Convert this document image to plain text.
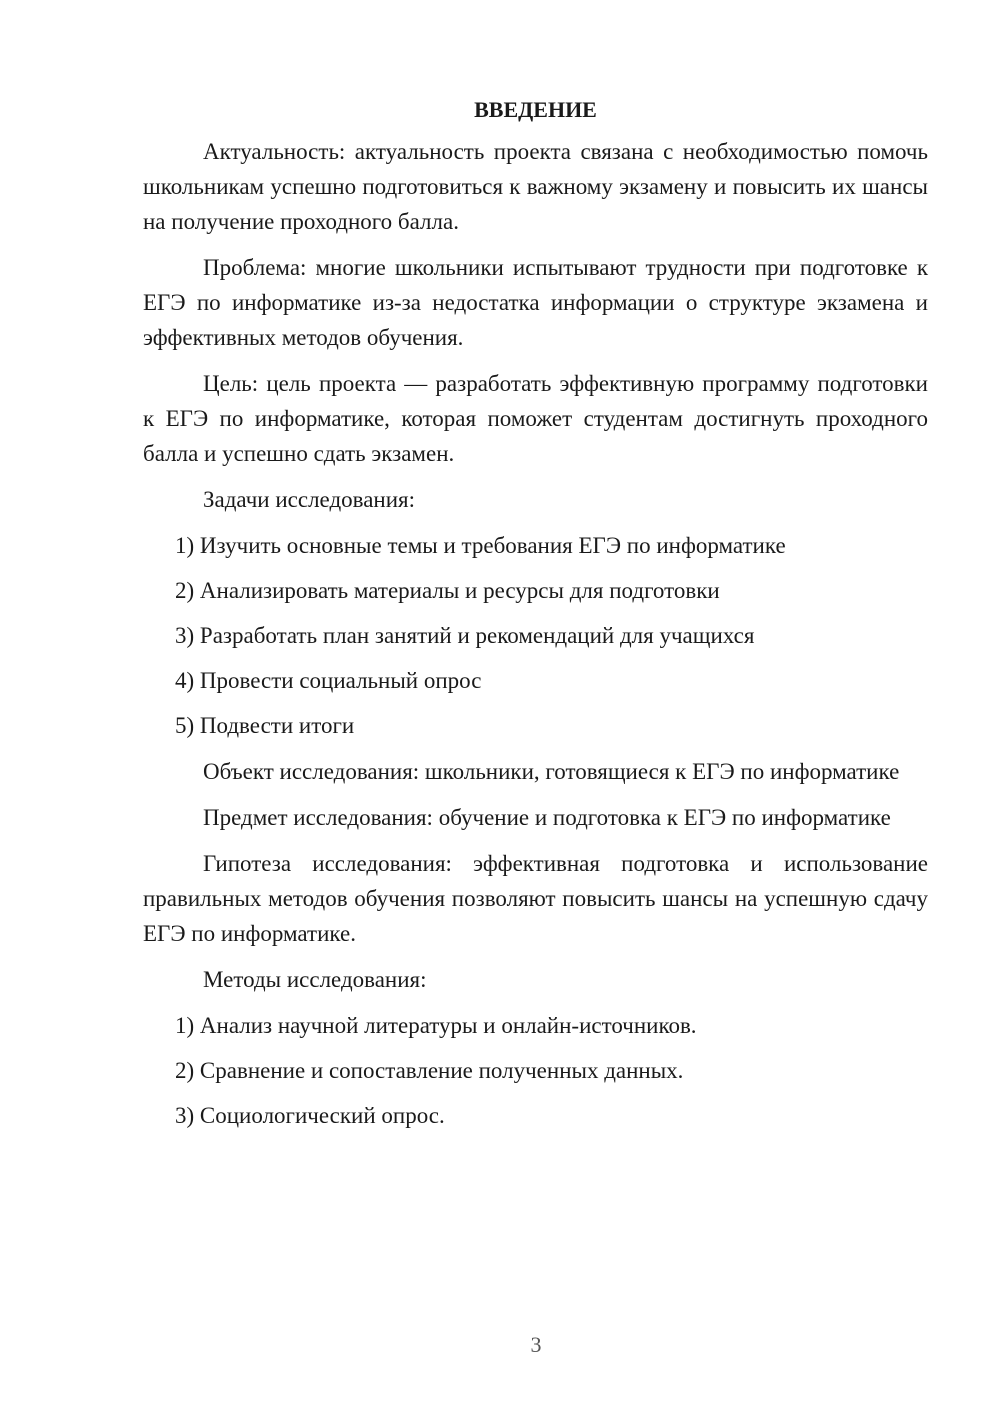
ВВЕДЕНИЕ

Актуальность: актуальность проекта связана с необходимостью помочь школьникам успешно подготовиться к важному экзамену и повысить их шансы на получение проходного балла.

Проблема: многие школьники испытывают трудности при подготовке к ЕГЭ по информатике из-за недостатка информации о структуре экзамена и эффективных методов обучения.

Цель: цель проекта — разработать эффективную программу подготовки к ЕГЭ по информатике, которая поможет студентам достигнуть проходного балла и успешно сдать экзамен.

Задачи исследования:

1) Изучить основные темы и требования ЕГЭ по информатике
2) Анализировать материалы и ресурсы для подготовки
3) Разработать план занятий и рекомендаций для учащихся
4) Провести социальный опрос
5) Подвести итоги

Объект исследования: школьники, готовящиеся к ЕГЭ по информатике

Предмет исследования: обучение и подготовка к ЕГЭ по информатике

Гипотеза исследования: эффективная подготовка и использование правильных методов обучения позволяют повысить шансы на успешную сдачу ЕГЭ по информатике.

Методы исследования:

1) Анализ научной литературы и онлайн-источников.
2) Сравнение и сопоставление полученных данных.
3) Социологический опрос.
3
